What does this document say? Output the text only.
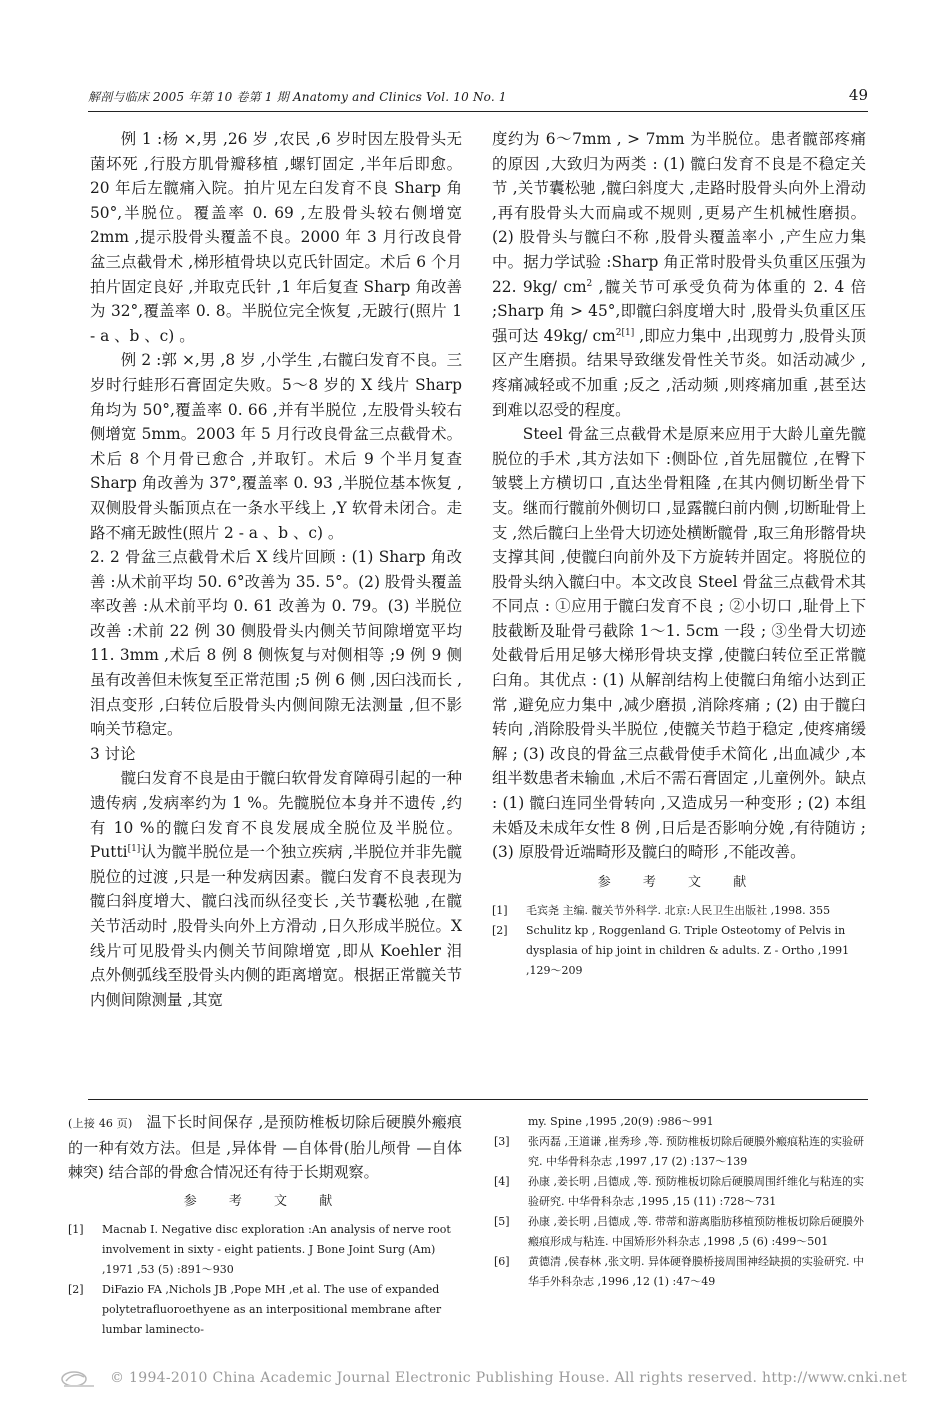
解剖与临床 2005 年第 10 卷第 1 期 Anatomy and Clinics Vol. 10 No. 1	49

例 1 :杨 ×,男 ,26 岁 ,农民 ,6 岁时因左股骨头无菌坏死 ,行股方肌骨瓣移植 ,螺钉固定 ,半年后即愈。20 年后左髋痛入院。拍片见左臼发育不良 Sharp 角 50°,半脱位。覆盖率 0. 69 ,左股骨头较右侧增宽 2mm ,提示股骨头覆盖不良。2000 年 3 月行改良骨盆三点截骨术 ,梯形植骨块以克氏针固定。术后 6 个月拍片固定良好 ,并取克氏针 ,1 年后复查 Sharp 角改善为 32°,覆盖率 0. 8。半脱位完全恢复 ,无跛行(照片 1 - a 、b 、c) 。

例 2 :郭 ×,男 ,8 岁 ,小学生 ,右髋臼发育不良。三岁时行蛙形石膏固定失败。5～8 岁的 X 线片 Sharp 角均为 50°,覆盖率 0. 66 ,并有半脱位 ,左股骨头较右侧增宽 5mm。2003 年 5 月行改良骨盆三点截骨术。术后 8 个月骨已愈合 ,并取钉。术后 9 个半月复查 Sharp 角改善为 37°,覆盖率 0. 93 ,半脱位基本恢复 ,双侧股骨头骺顶点在一条水平线上 ,Y 软骨未闭合。走路不痛无跛性(照片 2 - a 、b 、c) 。

2. 2 骨盆三点截骨术后 X 线片回顾 : (1) Sharp 角改善 :从术前平均 50. 6°改善为 35. 5°。(2) 股骨头覆盖率改善 :从术前平均 0. 61 改善为 0. 79。(3) 半脱位改善 :术前 22 例 30 侧股骨头内侧关节间隙增宽平均 11. 3mm ,术后 8 例 8 侧恢复与对侧相等 ;9 例 9 侧虽有改善但未恢复至正常范围 ;5 例 6 侧 ,因臼浅而长 ,泪点变形 ,臼转位后股骨头内侧间隙无法测量 ,但不影响关节稳定。

3 讨论

髋臼发育不良是由于髋臼软骨发育障碍引起的一种遗传病 ,发病率约为 1 %。先髋脱位本身并不遗传 ,约有 10 %的髋臼发育不良发展成全脱位及半脱位。Putti[1]认为髋半脱位是一个独立疾病 ,半脱位并非先髋脱位的过渡 ,只是一种发病因素。髋臼发育不良表现为髋臼斜度增大、髋臼浅而纵径变长 ,关节囊松驰 ,在髋关节活动时 ,股骨头向外上方滑动 ,日久形成半脱位。X 线片可见股骨头内侧关节间隙增宽 ,即从 Koehler 泪点外侧弧线至股骨头内侧的距离增宽。根据正常髋关节内侧间隙测量 ,其宽

度约为 6～7mm , > 7mm 为半脱位。患者髋部疼痛的原因 ,大致归为两类 : (1) 髋臼发育不良是不稳定关节 ,关节囊松驰 ,髋臼斜度大 ,走路时股骨头向外上滑动 ,再有股骨头大而扁或不规则 ,更易产生机械性磨损。(2) 股骨头与髋臼不称 ,股骨头覆盖率小 ,产生应力集中。据力学试验 :Sharp 角正常时股骨头负重区压强为 22. 9kg/ $cm^2$ ,髋关节可承受负荷为体重的 2. 4 倍 ;Sharp 角 > 45°,即髋臼斜度增大时 ,股骨头负重区压强可达 49kg/ $cm^{2[1]}$ ,即应力集中 ,出现剪力 ,股骨头顶区产生磨损。结果导致继发骨性关节炎。如活动减少 ,疼痛减轻或不加重 ;反之 ,活动频 ,则疼痛加重 ,甚至达到难以忍受的程度。

Steel 骨盆三点截骨术是原来应用于大龄儿童先髋脱位的手术 ,其方法如下 :侧卧位 ,首先屈髋位 ,在臀下皱襞上方横切口 ,直达坐骨粗隆 ,在其内侧切断坐骨下支。继而行髋前外侧切口 ,显露髋臼前内侧 ,切断耻骨上支 ,然后髋臼上坐骨大切迹处横断髋骨 ,取三角形髂骨块支撑其间 ,使髋臼向前外及下方旋转并固定。将脱位的股骨头纳入髋臼中。本文改良 Steel 骨盆三点截骨术其不同点 : ①应用于髋臼发育不良 ; ②小切口 ,耻骨上下肢截断及耻骨弓截除 1～1. 5cm 一段 ; ③坐骨大切迹处截骨后用足够大梯形骨块支撑 ,使髋臼转位至正常髋臼角。其优点 : (1) 从解剖结构上使髋臼角缩小达到正常 ,避免应力集中 ,减少磨损 ,消除疼痛 ; (2) 由于髋臼转向 ,消除股骨头半脱位 ,使髋关节趋于稳定 ,使疼痛缓解 ; (3) 改良的骨盆三点截骨使手术简化 ,出血减少 ,本组半数患者未输血 ,术后不需石膏固定 ,儿童例外。缺点 : (1) 髋臼连同坐骨转向 ,又造成另一种变形 ; (2) 本组未婚及未成年女性 8 例 ,日后是否影响分娩 ,有待随访 ; (3) 原股骨近端畸形及髋臼的畸形 ,不能改善。

参 考 文 献
[1]	毛宾尧 主编. 髋关节外科学. 北京:人民卫生出版社 ,1998. 355
[2]	Schulitz kp , Roggenland G. Triple Osteotomy of Pelvis in dysplasia of hip joint in children & adults. Z - Ortho ,1991 ,129～209

(上接 46 页) 温下长时间保存 ,是预防椎板切除后硬膜外瘢痕的一种有效方法。但是 ,异体骨 —自体骨(胎儿颅骨 —自体棘突) 结合部的骨愈合情况还有待于长期观察。

参 考 文 献
[1]	Macnab I. Negative disc exploration :An analysis of nerve root involvement in sixty - eight patients. J Bone Joint Surg (Am) ,1971 ,53 (5) :891～930
[2]	DiFazio FA ,Nichols JB ,Pope MH ,et al. The use of expanded polytetrafluoroethyene as an interpositional membrane after lumbar laminecto-
my. Spine ,1995 ,20(9) :986～991
[3]	张丙磊 ,王道谦 ,崔秀珍 ,等. 预防椎板切除后硬膜外瘢痕粘连的实验研究. 中华骨科杂志 ,1997 ,17 (2) :137～139
[4]	孙康 ,姜长明 ,吕德成 ,等. 预防椎板切除后硬膜周围纤维化与粘连的实验研究. 中华骨科杂志 ,1995 ,15 (11) :728～731
[5]	孙康 ,姜长明 ,吕德成 ,等. 带蒂和游离脂肪移植预防椎板切除后硬膜外瘢痕形成与粘连. 中国矫形外科杂志 ,1998 ,5 (6) :499～501
[6]	黄德清 ,侯春林 ,张文明. 异体硬脊膜桥接周围神经缺损的实验研究. 中华手外科杂志 ,1996 ,12 (1) :47～49
© 1994-2010 China Academic Journal Electronic Publishing House. All rights reserved. http://www.cnki.net
